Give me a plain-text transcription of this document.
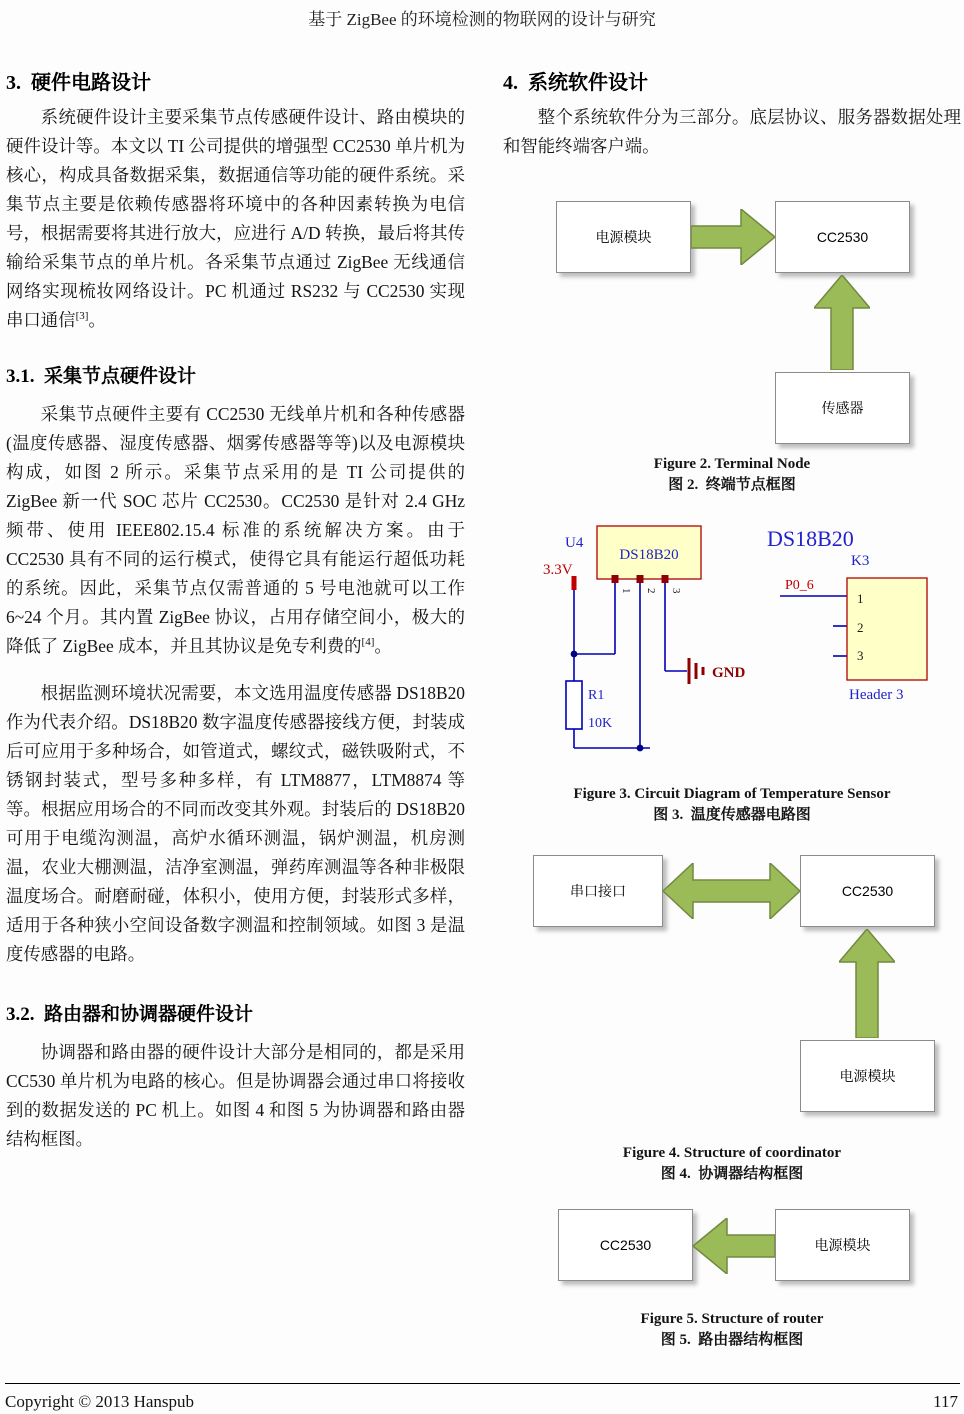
基于 ZigBee 的环境检测的物联网的设计与研究
3.  硬件电路设计

系统硬件设计主要采集节点传感硬件设计、路由模块的硬件设计等。本文以 TI 公司提供的增强型 CC2530 单片机为核心，构成具备数据采集，数据通信等功能的硬件系统。采集节点主要是依赖传感器将环境中的各种因素转换为电信号，根据需要将其进行放大，应进行 A/D 转换，最后将其传输给采集节点的单片机。各采集节点通过 ZigBee 无线通信网络实现梳妆网络设计。PC 机通过 RS232 与 CC2530 实现串口通信[3]。

3.1.  采集节点硬件设计

采集节点硬件主要有 CC2530 无线单片机和各种传感器(温度传感器、湿度传感器、烟雾传感器等等)以及电源模块构成，如图 2 所示。采集节点采用的是 TI 公司提供的 ZigBee 新一代 SOC 芯片 CC2530。CC2530 是针对 2.4 GHz 频带、使用 IEEE802.15.4 标准的系统解决方案。由于 CC2530 具有不同的运行模式，使得它具有能运行超低功耗的系统。因此，采集节点仅需普通的 5 号电池就可以工作 6~24 个月。其内置 ZigBee 协议，占用存储空间小，极大的降低了 ZigBee 成本，并且其协议是免专利费的[4]。

根据监测环境状况需要，本文选用温度传感器 DS18B20 作为代表介绍。DS18B20 数字温度传感器接线方便，封装成后可应用于多种场合，如管道式，螺纹式，磁铁吸附式，不锈钢封装式，型号多种多样，有 LTM8877，LTM8874 等等。根据应用场合的不同而改变其外观。封装后的 DS18B20 可用于电缆沟测温，高炉水循环测温，锅炉测温，机房测温，农业大棚测温，洁净室测温，弹药库测温等各种非极限温度场合。耐磨耐碰，体积小，使用方便，封装形式多样，适用于各种狭小空间设备数字测温和控制领域。如图 3 是温度传感器的电路。

3.2.  路由器和协调器硬件设计

协调器和路由器的硬件设计大部分是相同的，都是采用 CC530 单片机为电路的核心。但是协调器会通过串口将接收到的数据发送的 PC 机上。如图 4 和图 5 为协调器和路由器结构框图。

4.  系统软件设计

整个系统软件分为三部分。底层协议、服务器数据处理和智能终端客户端。

电源模块	CC2530
传感器
Figure 2. Terminal Node
图 2.  终端节点框图
U4
DS18B20
DS18B20
3.3V
1 2 3
R1
10K
GND
K3
P0_6
1
2
3
Header 3
Figure 3. Circuit Diagram of Temperature Sensor
图 3.  温度传感器电路图
串口接口	CC2530
电源模块
Figure 4. Structure of coordinator
图 4.  协调器结构框图
CC2530	电源模块
Figure 5. Structure of router
图 5.  路由器结构框图
Copyright © 2013 Hanspub	117
